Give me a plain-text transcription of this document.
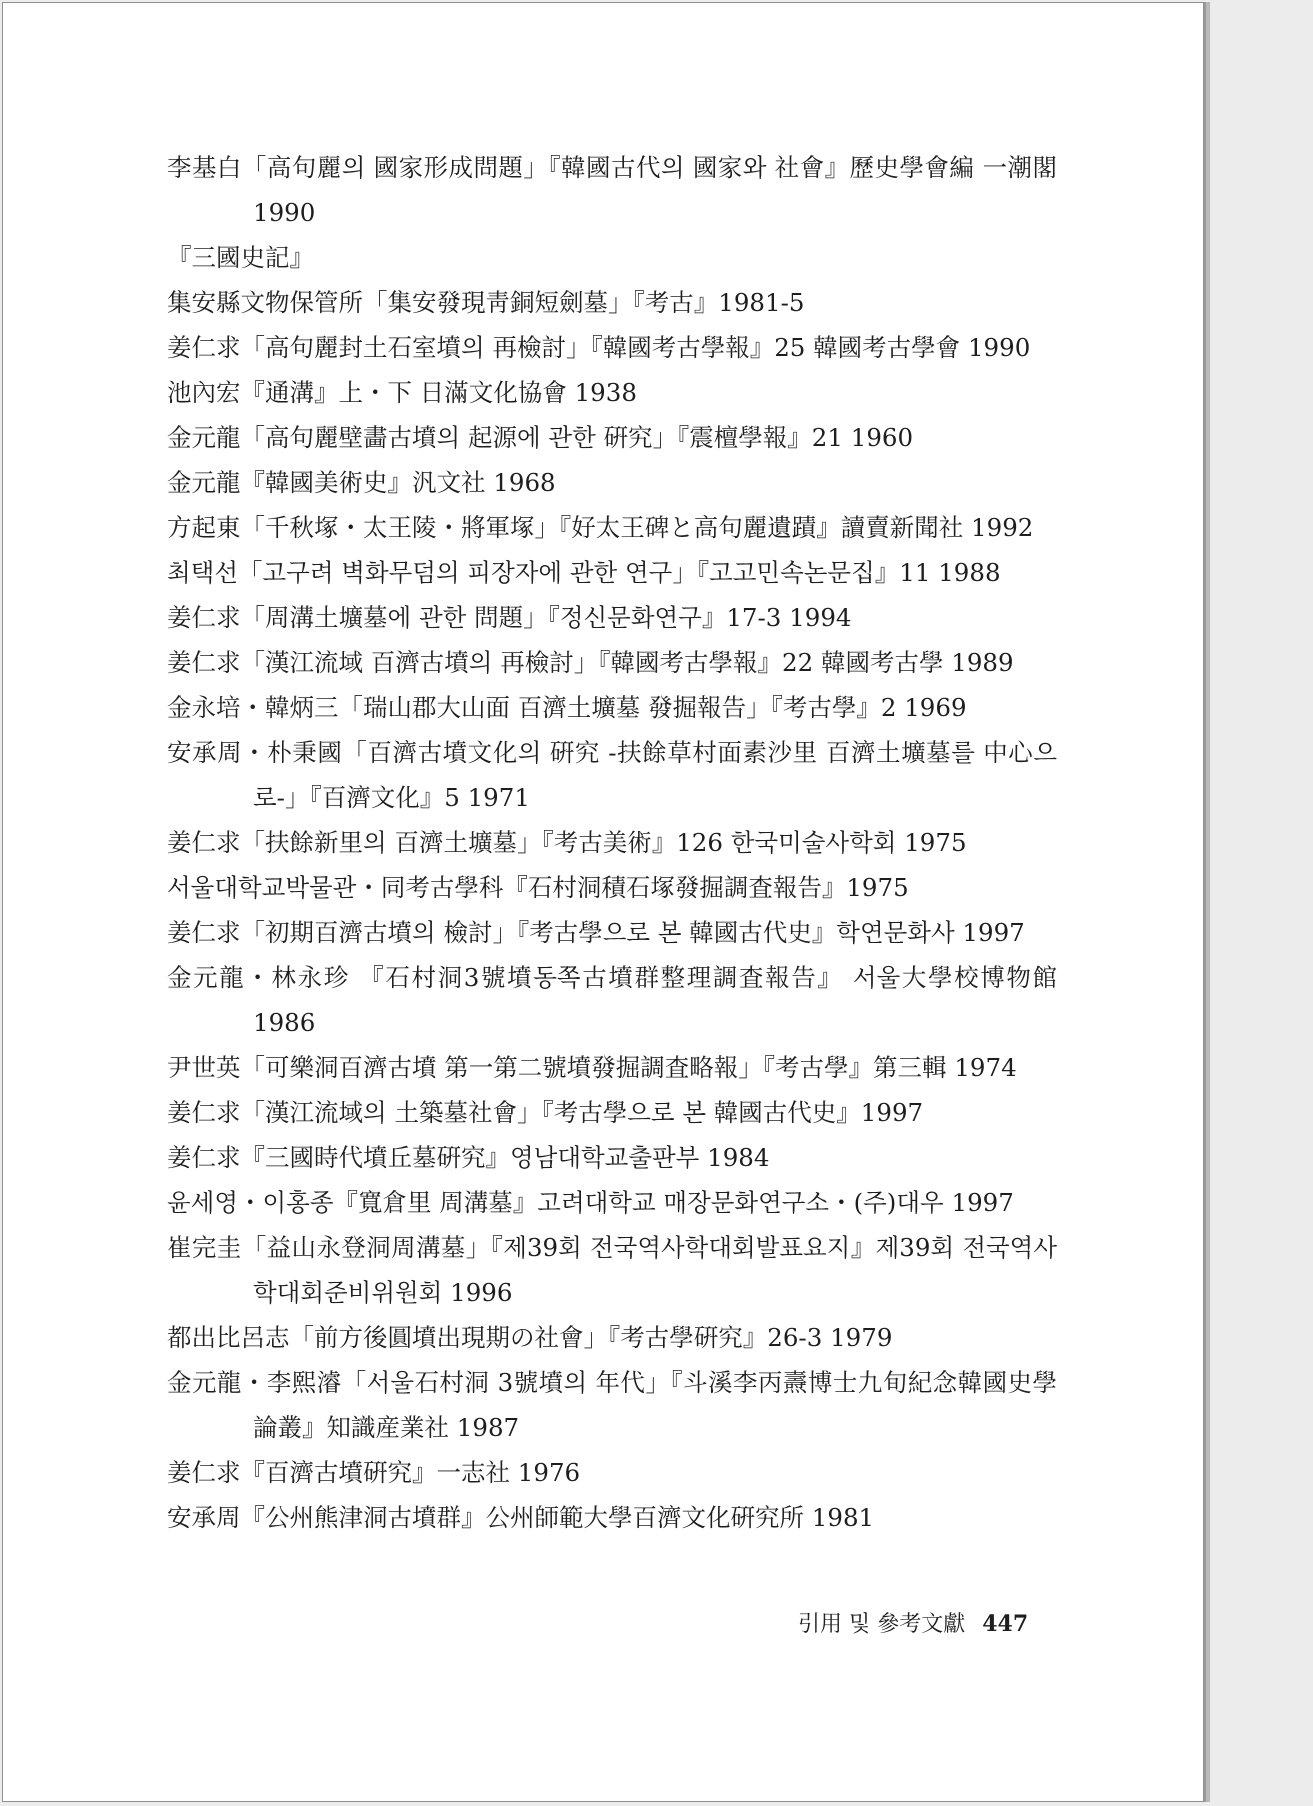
李基白「高句麗의 國家形成問題」『韓國古代의 國家와 社會』歷史學會編 一潮閣 1990
『三國史記』
集安縣文物保管所「集安發現靑銅短劍墓」『考古』1981-5
姜仁求「高句麗封土石室墳의 再檢討」『韓國考古學報』25 韓國考古學會 1990
池內宏『通溝』上・下 日滿文化協會 1938
金元龍「高句麗壁畵古墳의 起源에 관한 硏究」『震檀學報』21 1960
金元龍『韓國美術史』汎文社 1968
方起東「千秋塚・太王陵・將軍塚」『好太王碑と高句麗遺蹟』讀賣新聞社 1992
최택선「고구려 벽화무덤의 피장자에 관한 연구」『고고민속논문집』11 1988
姜仁求「周溝土壙墓에 관한 問題」『정신문화연구』17-3 1994
姜仁求「漢江流域 百濟古墳의 再檢討」『韓國考古學報』22 韓國考古學 1989
金永培・韓炳三「瑞山郡大山面 百濟土壙墓 發掘報告」『考古學』2 1969
安承周・朴秉國「百濟古墳文化의 硏究 -扶餘草村面素沙里 百濟土壙墓를 中心으로-」『百濟文化』5 1971
姜仁求「扶餘新里의 百濟土壙墓」『考古美術』126 한국미술사학회 1975
서울대학교박물관・同考古學科『石村洞積石塚發掘調査報告』1975
姜仁求「初期百濟古墳의 檢討」『考古學으로 본 韓國古代史』학연문화사 1997
金元龍・林永珍 『石村洞3號墳동쪽古墳群整理調査報告』 서울大學校博物館 1986
尹世英「可樂洞百濟古墳 第一第二號墳發掘調査略報」『考古學』第三輯 1974
姜仁求「漢江流域의 土築墓社會」『考古學으로 본 韓國古代史』1997
姜仁求『三國時代墳丘墓硏究』영남대학교출판부 1984
윤세영・이홍종『寬倉里 周溝墓』고려대학교 매장문화연구소・(주)대우 1997
崔完圭「益山永登洞周溝墓」『제39회 전국역사학대회발표요지』제39회 전국역사학대회준비위원회 1996
都出比呂志「前方後圓墳出現期の社會」『考古學硏究』26-3 1979
金元龍・李熙濬「서울石村洞 3號墳의 年代」『斗溪李丙燾博士九旬紀念韓國史學論叢』知識産業社 1987
姜仁求『百濟古墳硏究』一志社 1976
安承周『公州熊津洞古墳群』公州師範大學百濟文化硏究所 1981
引用 및 參考文獻 447
